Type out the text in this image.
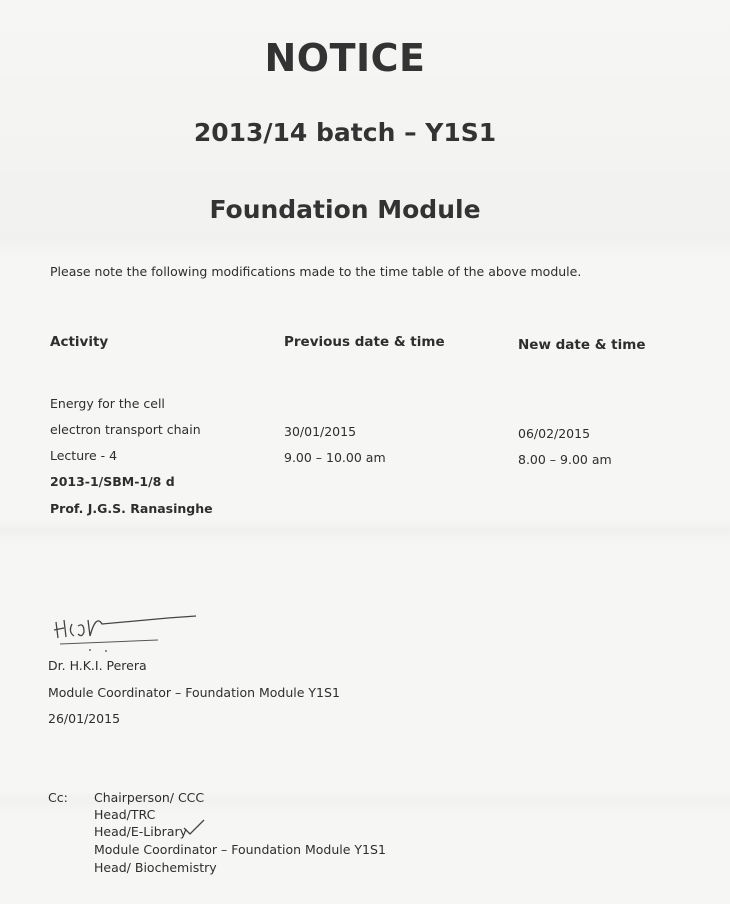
NOTICE
2013/14 batch – Y1S1
Foundation Module
Please note the following modifications made to the time table of the above module.
Activity	Previous date & time	New date & time
Energy for the cell
electron transport chain
Lecture - 4
2013-1/SBM-1/8 d
Prof. J.G.S. Ranasinghe
30/01/2015
9.00 – 10.00 am
06/02/2015
8.00 – 9.00 am
Dr. H.K.I. Perera
Module Coordinator – Foundation Module Y1S1
26/01/2015
Cc: Chairperson/ CCC
Head/TRC
Head/E-Library
Module Coordinator – Foundation Module Y1S1
Head/ Biochemistry
